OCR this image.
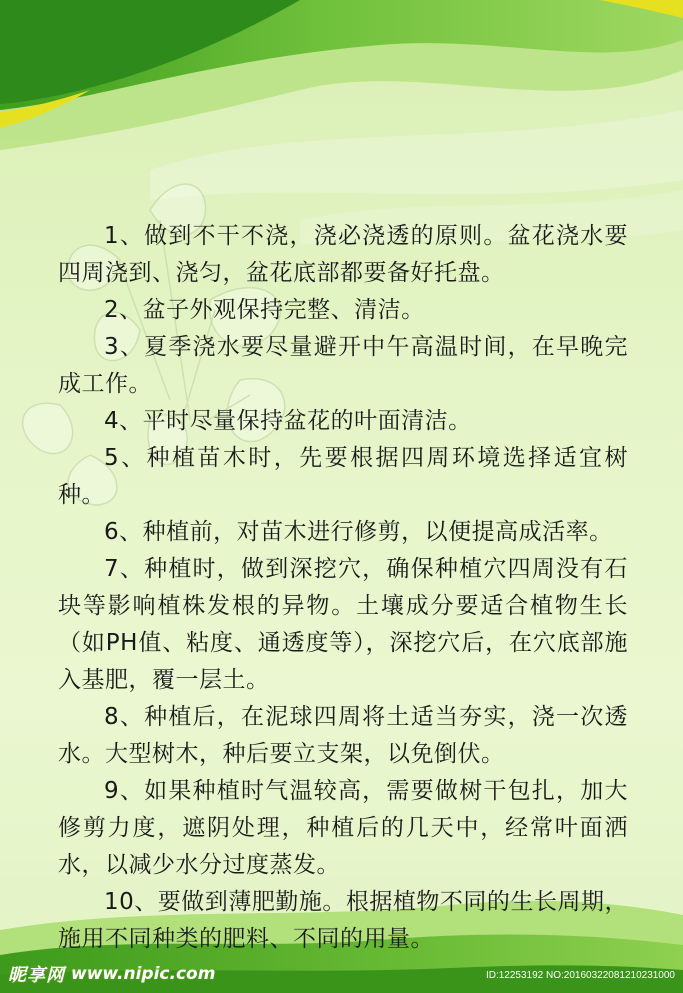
1、做到不干不浇，浇必浇透的原则。盆花浇水要四周浇到、浇匀，盆花底部都要备好托盘。

2、盆子外观保持完整、清洁。

3、夏季浇水要尽量避开中午高温时间，在早晚完成工作。

4、平时尽量保持盆花的叶面清洁。

5、种植苗木时，先要根据四周环境选择适宜树种。

6、种植前，对苗木进行修剪，以便提高成活率。

7、种植时，做到深挖穴，确保种植穴四周没有石块等影响植株发根的异物。土壤成分要适合植物生长（如PH值、粘度、通透度等），深挖穴后，在穴底部施入基肥，覆一层土。

8、种植后，在泥球四周将土适当夯实，浇一次透水。大型树木，种后要立支架，以免倒伏。

9、如果种植时气温较高，需要做树干包扎，加大修剪力度，遮阴处理，种植后的几天中，经常叶面洒水，以减少水分过度蒸发。

10、要做到薄肥勤施。根据植物不同的生长周期，施用不同种类的肥料、不同的用量。

昵享网 www.nipic.com	ID:12253192 NO:20160322081210231000
